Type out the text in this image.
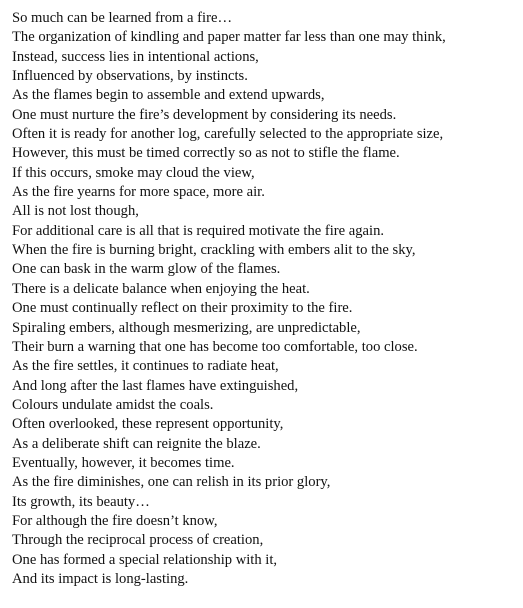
So much can be learned from a fire…
The organization of kindling and paper matter far less than one may think,
Instead, success lies in intentional actions,
Influenced by observations, by instincts.
As the flames begin to assemble and extend upwards,
One must nurture the fire’s development by considering its needs.
Often it is ready for another log, carefully selected to the appropriate size,
However, this must be timed correctly so as not to stifle the flame.
If this occurs, smoke may cloud the view,
As the fire yearns for more space, more air.
All is not lost though,
For additional care is all that is required motivate the fire again.
When the fire is burning bright, crackling with embers alit to the sky,
One can bask in the warm glow of the flames.
There is a delicate balance when enjoying the heat.
One must continually reflect on their proximity to the fire.
Spiraling embers, although mesmerizing, are unpredictable,
Their burn a warning that one has become too comfortable, too close.
As the fire settles, it continues to radiate heat,
And long after the last flames have extinguished,
Colours undulate amidst the coals.
Often overlooked, these represent opportunity,
As a deliberate shift can reignite the blaze.
Eventually, however, it becomes time.
As the fire diminishes, one can relish in its prior glory,
Its growth, its beauty…
For although the fire doesn’t know,
Through the reciprocal process of creation,
One has formed a special relationship with it,
And its impact is long-lasting.
